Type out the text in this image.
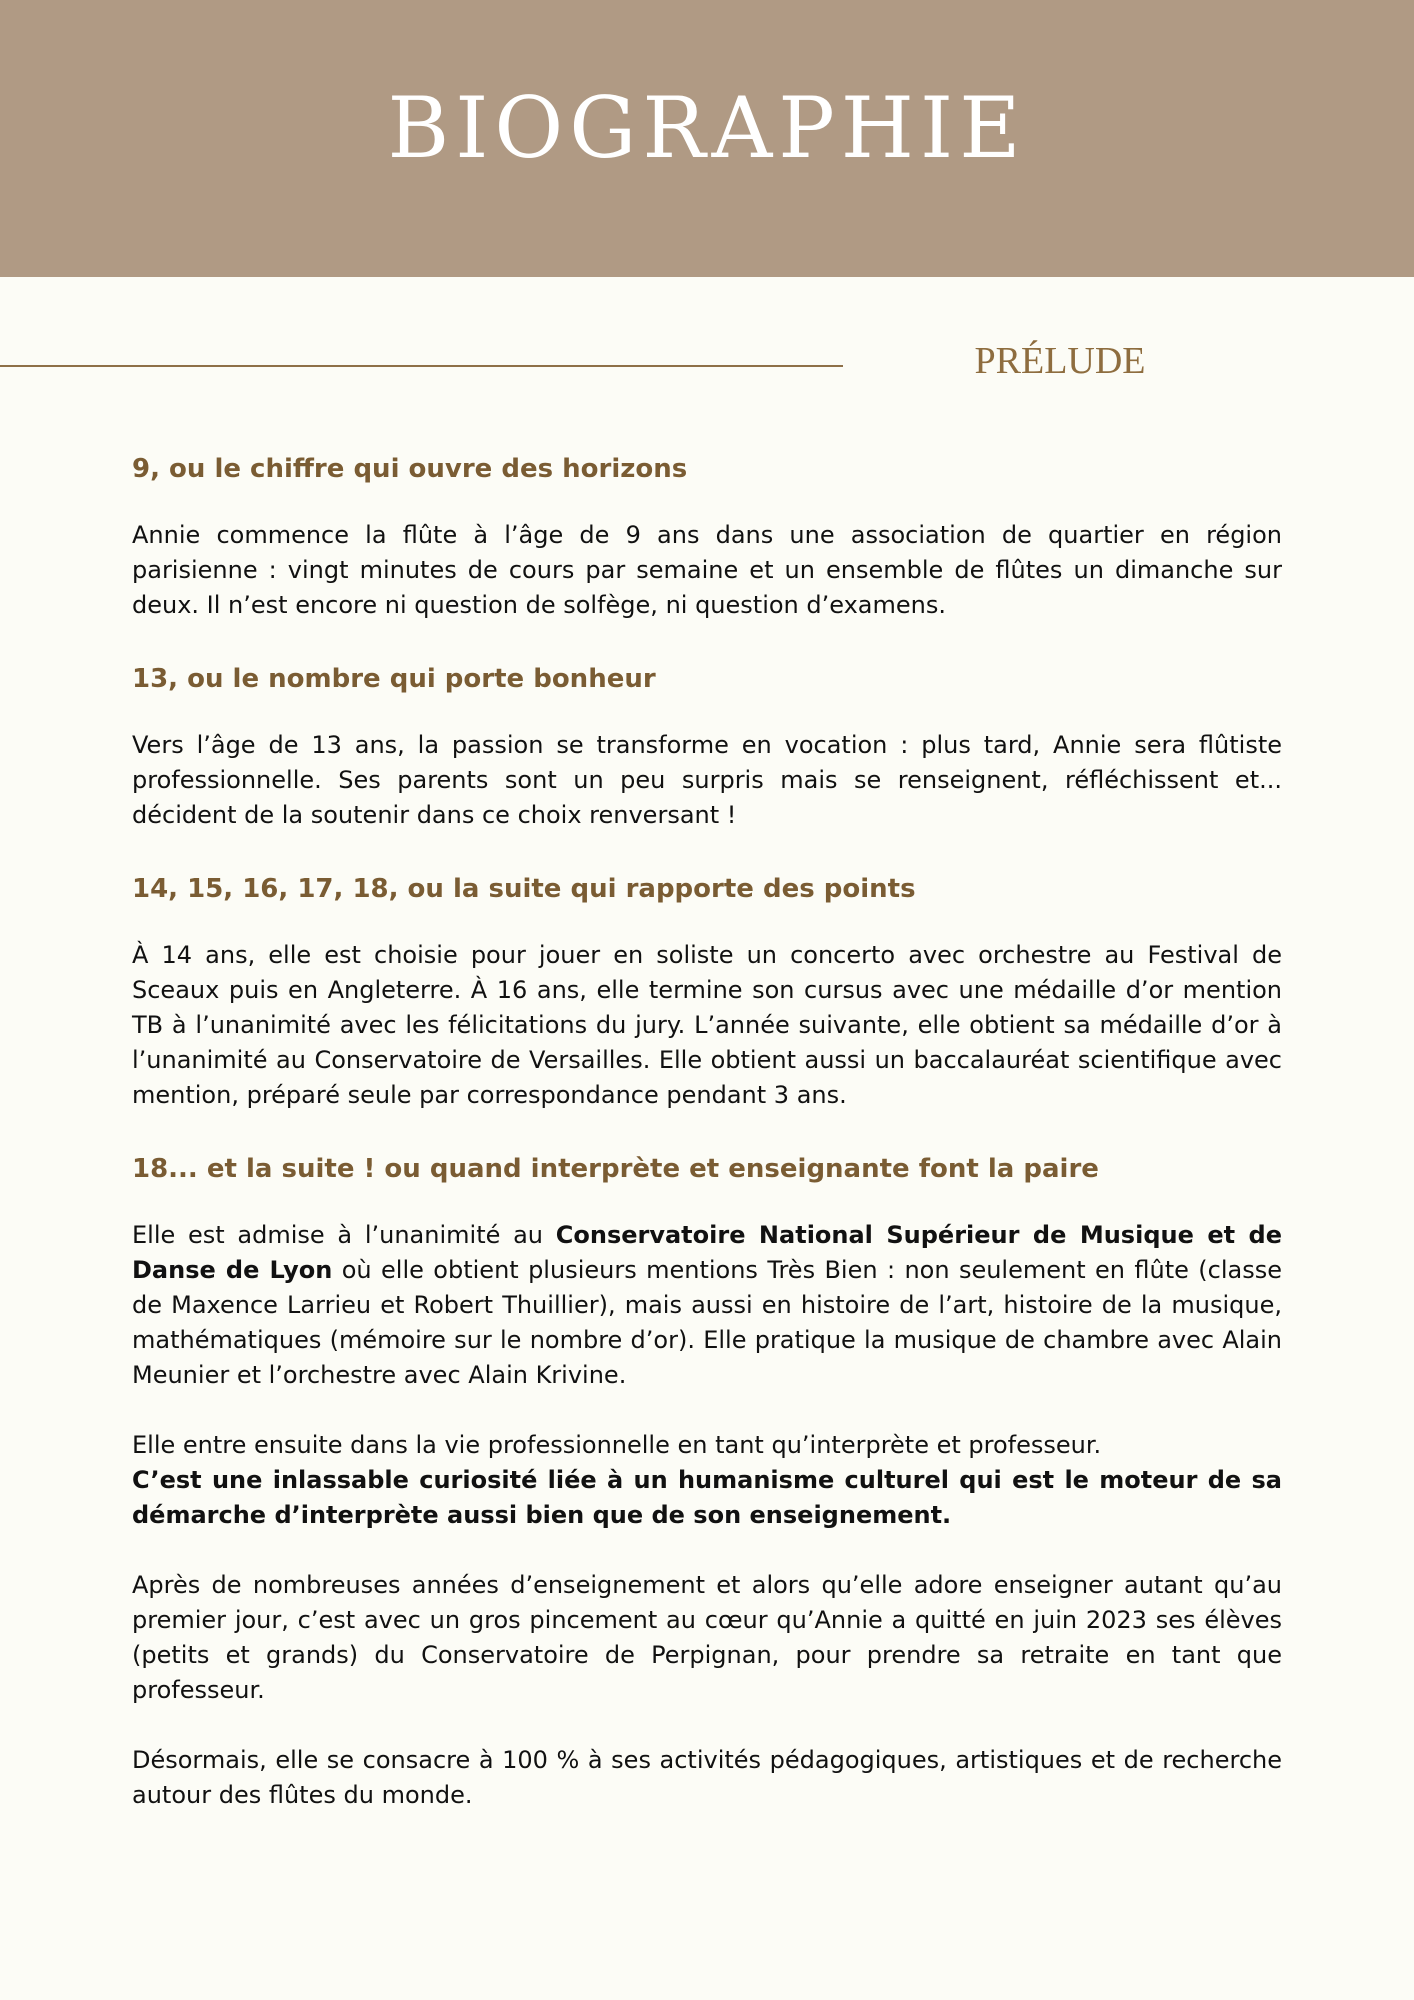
BIOGRAPHIE
PRÉLUDE
9, ou le chiffre qui ouvre des horizons

Annie commence la flûte à l’âge de 9 ans dans une association de quartier en région parisienne : vingt minutes de cours par semaine et un ensemble de flûtes un dimanche sur deux. Il n’est encore ni question de solfège, ni question d’examens.

13, ou le nombre qui porte bonheur

Vers l’âge de 13 ans, la passion se transforme en vocation : plus tard, Annie sera flûtiste professionnelle. Ses parents sont un peu surpris mais se renseignent, réfléchissent et... décident de la soutenir dans ce choix renversant !

14, 15, 16, 17, 18, ou la suite qui rapporte des points

À 14 ans, elle est choisie pour jouer en soliste un concerto avec orchestre au Festival de Sceaux puis en Angleterre. À 16 ans, elle termine son cursus avec une médaille d’or mention TB à l’unanimité avec les félicitations du jury. L’année suivante, elle obtient sa médaille d’or à l’unanimité au Conservatoire de Versailles. Elle obtient aussi un baccalauréat scientifique avec mention, préparé seule par correspondance pendant 3 ans.

18... et la suite ! ou quand interprète et enseignante font la paire

Elle est admise à l’unanimité au Conservatoire National Supérieur de Musique et de Danse de Lyon où elle obtient plusieurs mentions Très Bien : non seulement en flûte (classe de Maxence Larrieu et Robert Thuillier), mais aussi en histoire de l’art, histoire de la musique, mathématiques (mémoire sur le nombre d’or). Elle pratique la musique de chambre avec Alain Meunier et l’orchestre avec Alain Krivine.

Elle entre ensuite dans la vie professionnelle en tant qu’interprète et professeur.

C’est une inlassable curiosité liée à un humanisme culturel qui est le moteur de sa démarche d’interprète aussi bien que de son enseignement.

Après de nombreuses années d’enseignement et alors qu’elle adore enseigner autant qu’au premier jour, c’est avec un gros pincement au cœur qu’Annie a quitté en juin 2023 ses élèves (petits et grands) du Conservatoire de Perpignan, pour prendre sa retraite en tant que professeur.

Désormais, elle se consacre à 100 % à ses activités pédagogiques, artistiques et de recherche autour des flûtes du monde.
